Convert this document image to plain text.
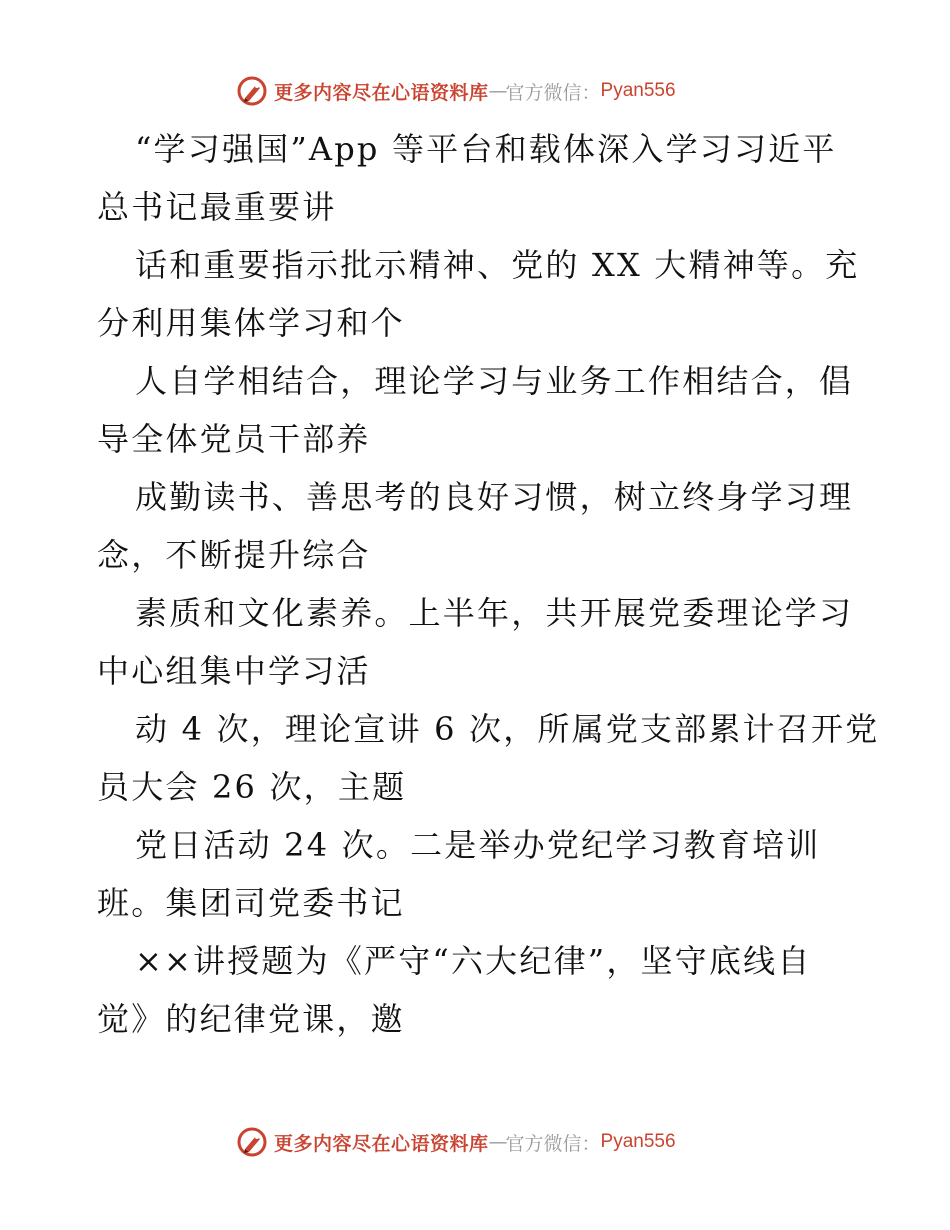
更多内容尽在心语资料库 — 官方微信： Pyan556
“学习强国”App 等平台和载体深入学习习近平
总书记最重要讲
话和重要指示批示精神、党的 XX 大精神等。充
分利用集体学习和个
人自学相结合，理论学习与业务工作相结合，倡
导全体党员干部养
成勤读书、善思考的良好习惯，树立终身学习理
念，不断提升综合
素质和文化素养。上半年，共开展党委理论学习
中心组集中学习活
动 4 次，理论宣讲 6 次，所属党支部累计召开党
员大会 26 次，主题
党日活动 24 次。二是举办党纪学习教育培训
班。集团司党委书记
××讲授题为《严守“六大纪律”，坚守底线自
觉》的纪律党课，邀
更多内容尽在心语资料库 — 官方微信： Pyan556
